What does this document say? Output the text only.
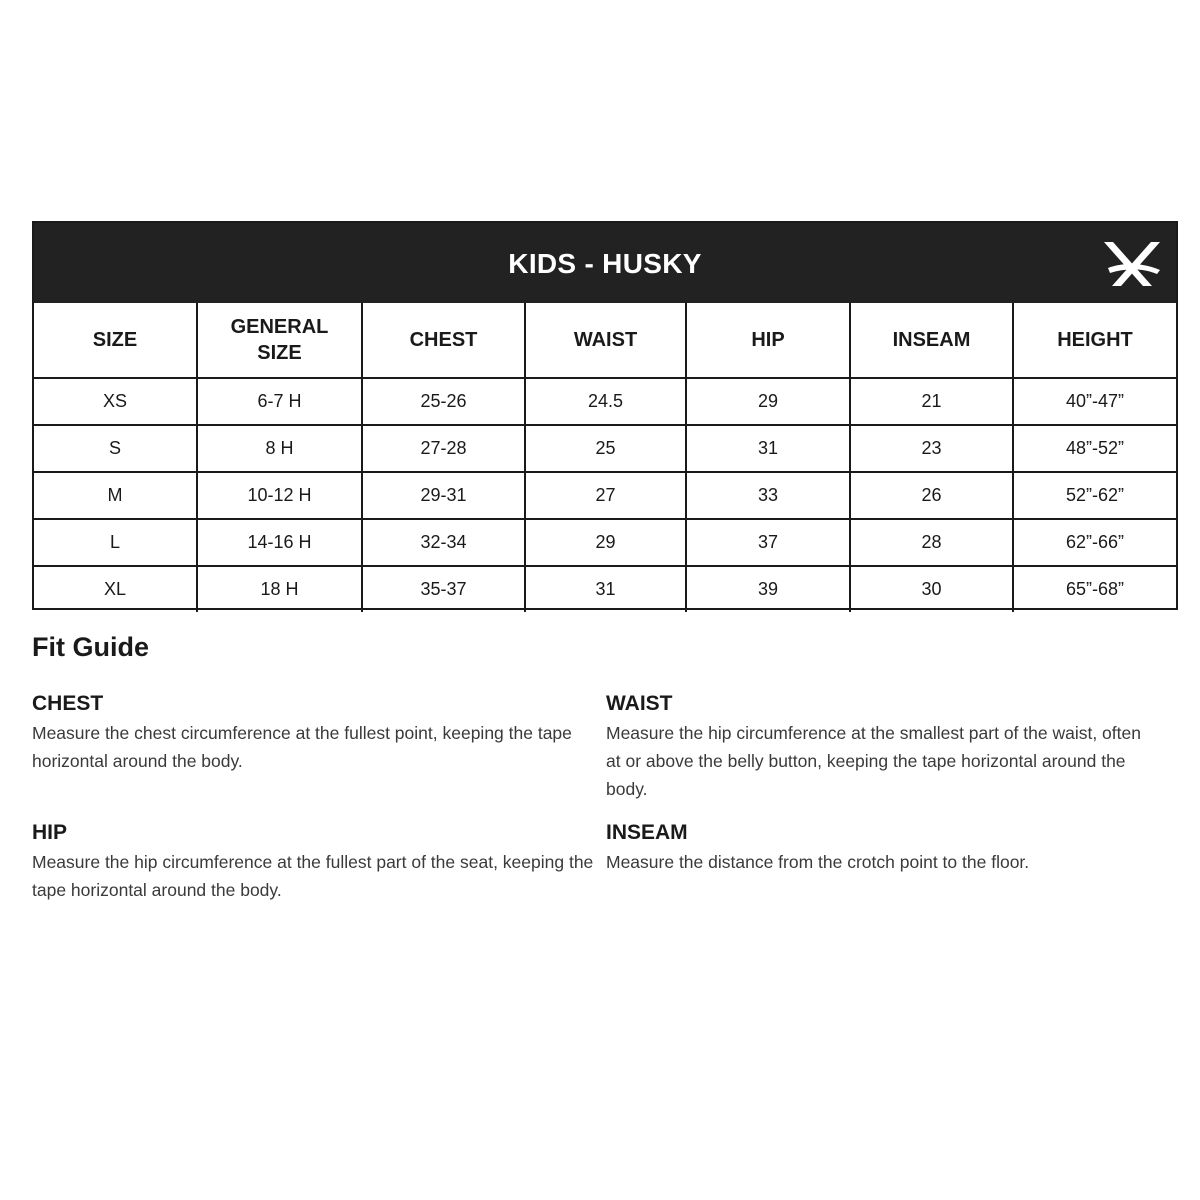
KIDS - HUSKY
SIZE	GENERAL SIZE	CHEST	WAIST	HIP	INSEAM	HEIGHT
XS	6-7 H	25-26	24.5	29	21	40”-47”
S	8 H	27-28	25	31	23	48”-52”
M	10-12 H	29-31	27	33	26	52”-62”
L	14-16 H	32-34	29	37	28	62”-66”
XL	18 H	35-37	31	39	30	65”-68”
Fit Guide
CHEST
Measure the chest circumference at the fullest point, keeping the tape horizontal around the body.
WAIST
Measure the hip circumference at the smallest part of the waist, often at or above the belly button, keeping the tape horizontal around the body.
HIP
Measure the hip circumference at the fullest part of the seat, keeping the tape horizontal around the body.
INSEAM
Measure the distance from the crotch point to the floor.
